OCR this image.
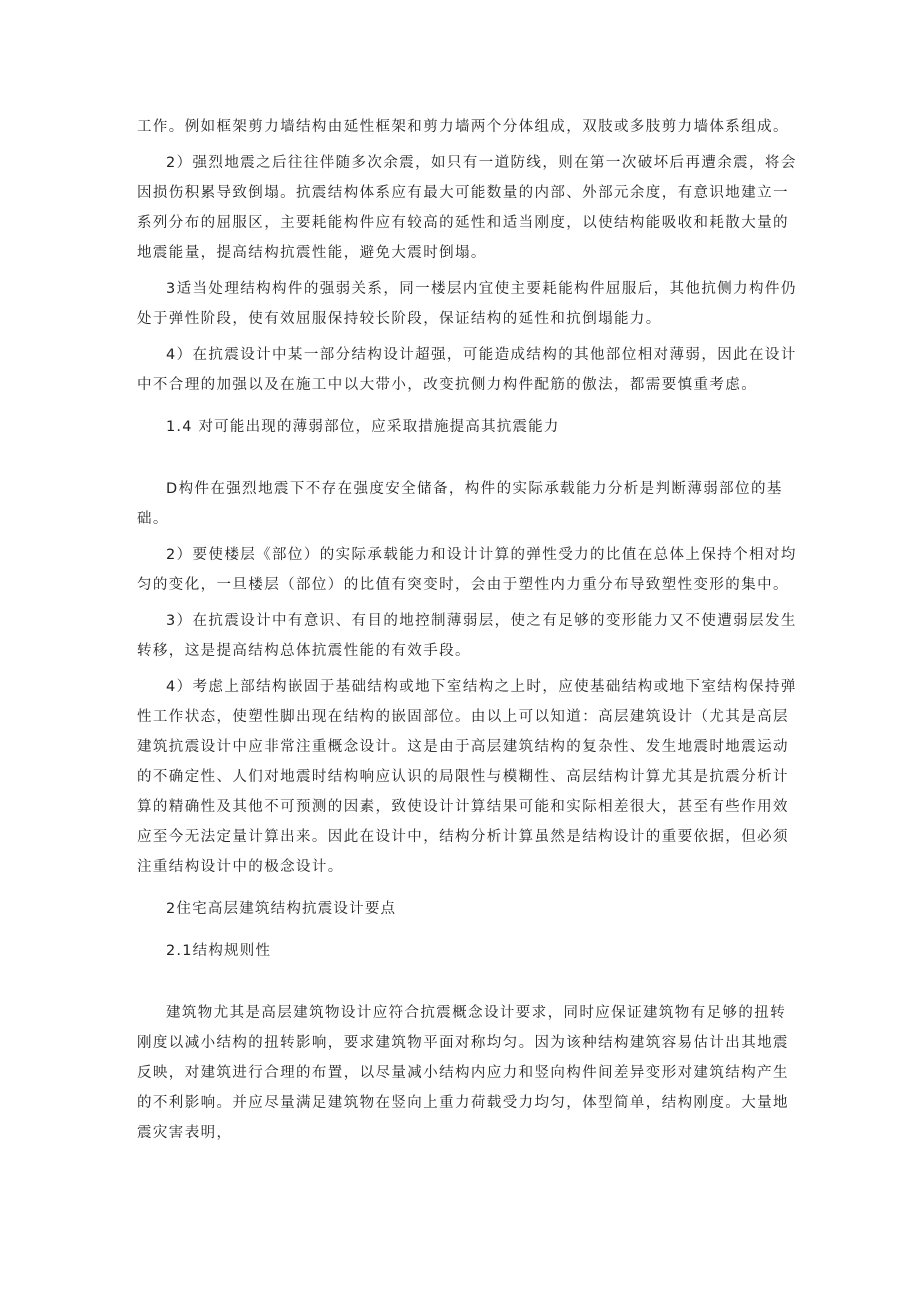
工作。例如框架剪力墙结构由延性框架和剪力墙两个分体组成，双肢或多肢剪力墙体系组成。

2）强烈地震之后往往伴随多次余震，如只有一道防线，则在第一次破坏后再遭余震，将会因损伤积累导致倒塌。抗震结构体系应有最大可能数量的内部、外部元余度，有意识地建立一系列分布的屈服区，主要耗能构件应有较高的延性和适当刚度，以使结构能吸收和耗散大量的地震能量，提高结构抗震性能，避免大震时倒塌。

3适当处理结构构件的强弱关系，同一楼层内宜使主要耗能构件屈服后，其他抗侧力构件仍处于弹性阶段，使有效屈服保持较长阶段，保证结构的延性和抗倒塌能力。

4）在抗震设计中某一部分结构设计超强，可能造成结构的其他部位相对薄弱，因此在设计中不合理的加强以及在施工中以大带小，改变抗侧力构件配筋的傲法，都需要慎重考虑。

1.4 对可能出现的薄弱部位，应采取措施提高其抗震能力

D构件在强烈地震下不存在强度安全储备，构件的实际承载能力分析是判断薄弱部位的基础。

2）要使楼层《部位）的实际承载能力和设计计算的弹性受力的比值在总体上保持个相对均匀的变化，一旦楼层（部位）的比值有突变时，会由于塑性内力重分布导致塑性变形的集中。

3）在抗震设计中有意识、有目的地控制薄弱层，使之有足够的变形能力又不使遭弱层发生转移，这是提高结构总体抗震性能的有效手段。

4）考虑上部结构嵌固于基础结构或地下室结构之上时，应使基础结构或地下室结构保持弹性工作状态，使塑性脚出现在结构的嵌固部位。由以上可以知道：高层建筑设计（尤其是高层建筑抗震设计中应非常注重概念设计。这是由于高层建筑结构的复杂性、发生地震时地震运动的不确定性、人们对地震时结构响应认识的局限性与模糊性、高层结构计算尤其是抗震分析计算的精确性及其他不可预测的因素，致使设计计算结果可能和实际相差很大，甚至有些作用效应至今无法定量计算出来。因此在设计中，结构分析计算虽然是结构设计的重要依据，但必须注重结构设计中的极念设计。

2住宅高层建筑结构抗震设计要点

2.1结构规则性

建筑物尤其是高层建筑物设计应符合抗震概念设计要求，同时应保证建筑物有足够的扭转刚度以减小结构的扭转影响，要求建筑物平面对称均匀。因为该种结构建筑容易估计出其地震反映，对建筑进行合理的布置，以尽量减小结构内应力和竖向构件间差异变形对建筑结构产生的不利影响。并应尽量满足建筑物在竖向上重力荷载受力均匀，体型简单，结构刚度。大量地震灾害表明，
